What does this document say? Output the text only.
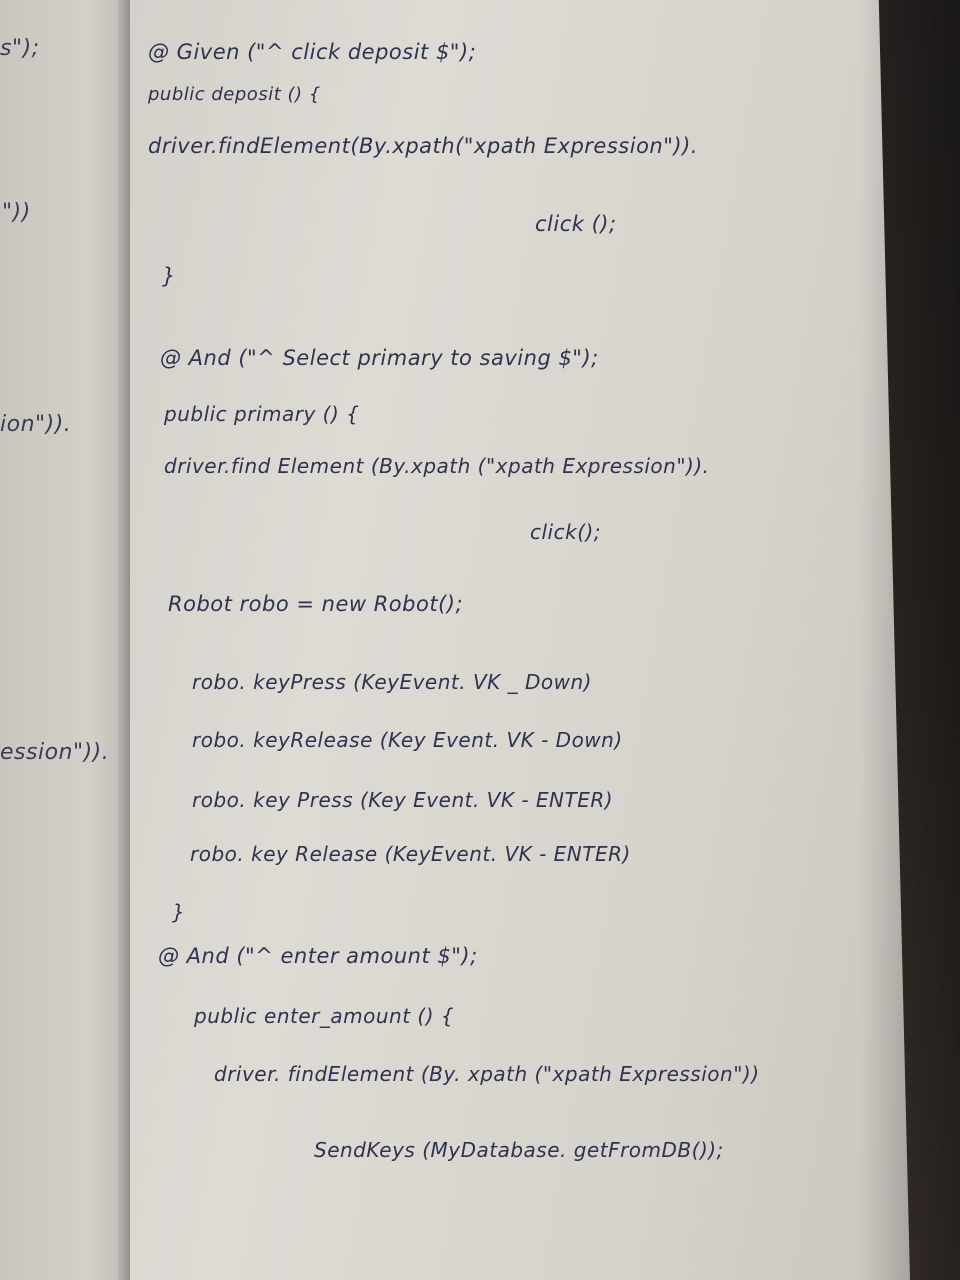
s");
"))
ion")).
ession")).
@ Given ("^ click deposit $");
public deposit () {
driver.findElement(By.xpath("xpath Expression")).
click ();
}
@ And ("^ Select primary to saving $");
public primary () {
driver.find Element (By.xpath ("xpath Expression")).
click();
Robot robo = new Robot();
robo. keyPress (KeyEvent. VK _ Down)
robo. keyRelease (Key Event. VK - Down)
robo. key Press (Key Event. VK - ENTER)
robo. key Release (KeyEvent. VK - ENTER)
}
@ And ("^ enter amount $");
public enter_amount () {
driver. findElement (By. xpath ("xpath Expression"))
SendKeys (MyDatabase. getFromDB());
